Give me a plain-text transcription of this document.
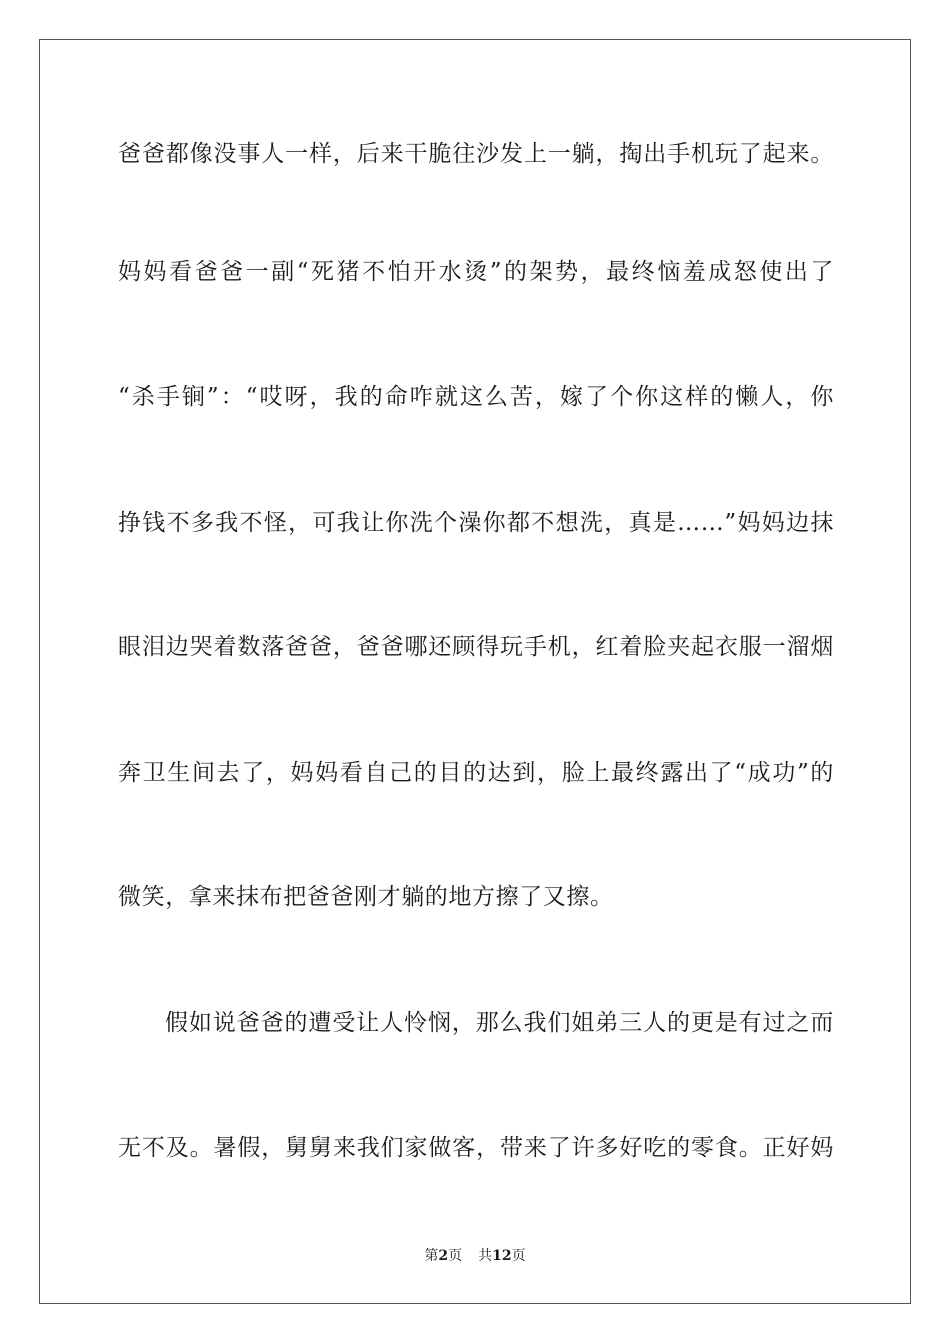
爸爸都像没事人一样，后来干脆往沙发上一躺，掏出手机玩了起来。
妈妈看爸爸一副“死猪不怕开水烫”的架势，最终恼羞成怒使出了
“杀手锏”：“哎呀，我的命咋就这么苦，嫁了个你这样的懒人，你
挣钱不多我不怪，可我让你洗个澡你都不想洗，真是……”妈妈边抹
眼泪边哭着数落爸爸，爸爸哪还顾得玩手机，红着脸夹起衣服一溜烟
奔卫生间去了，妈妈看自己的目的达到，脸上最终露出了“成功”的
微笑，拿来抹布把爸爸刚才躺的地方擦了又擦。
假如说爸爸的遭受让人怜悯，那么我们姐弟三人的更是有过之而
无不及。暑假，舅舅来我们家做客，带来了许多好吃的零食。正好妈
第2页 共12页
